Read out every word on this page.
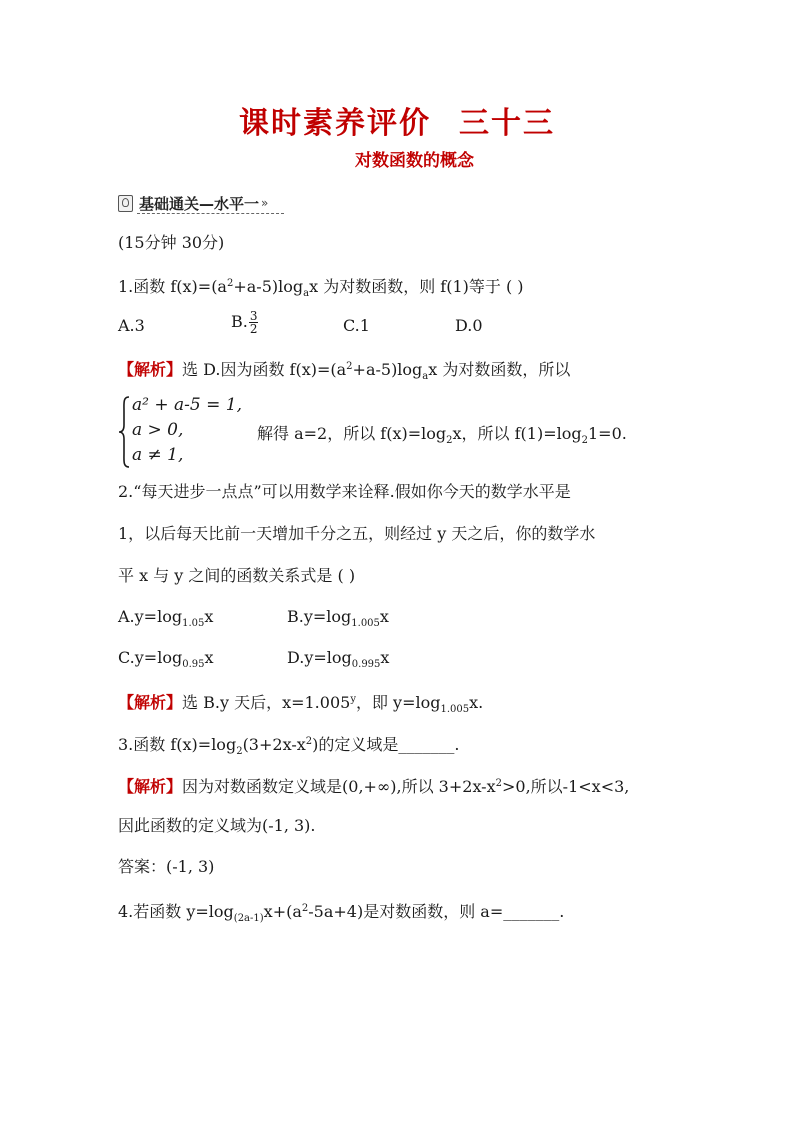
课时素养评价 三十三
对数函数的概念
基础通关—水平一 »
(15分钟 30分)
1.函数 $f(x)=(a^2+a-5)\log_ax$ 为对数函数，则 f(1)等于 ( )
A.3	B. $\frac{3}{2}$	C.1	D.0
【解析】选 D.因为函数 $f(x)=(a^2+a-5)\log_ax$ 为对数函数，所以
a² + a-5 = 1,
a > 0,
a ≠ 1,
解得 a=2，所以 $f(x)=\log_2x$，所以 $f(1)=\log_21=0$.
2.“每天进步一点点”可以用数学来诠释.假如你今天的数学水平是
1，以后每天比前一天增加千分之五，则经过 y 天之后，你的数学水
平 x 与 y 之间的函数关系式是 ( )
$A.y=\log_{1.05}x$	$B.y=\log_{1.005}x$
$C.y=\log_{0.95}x$	$D.y=\log_{0.995}x$
【解析】选 B.y 天后，$x=1.005^y$，即 $y=\log_{1.005}x$.
3.函数 $f(x)=\log_2(3+2x-x^2)$的定义域是_______.
【解析】因为对数函数定义域是(0,+∞),所以 $3+2x-x^2>0$,所以-1<x<3,
因此函数的定义域为(-1, 3).
答案：(-1, 3)
4.若函数 $y=\log_{(2a-1)}x+(a^2-5a+4)$是对数函数，则 a=_______.
